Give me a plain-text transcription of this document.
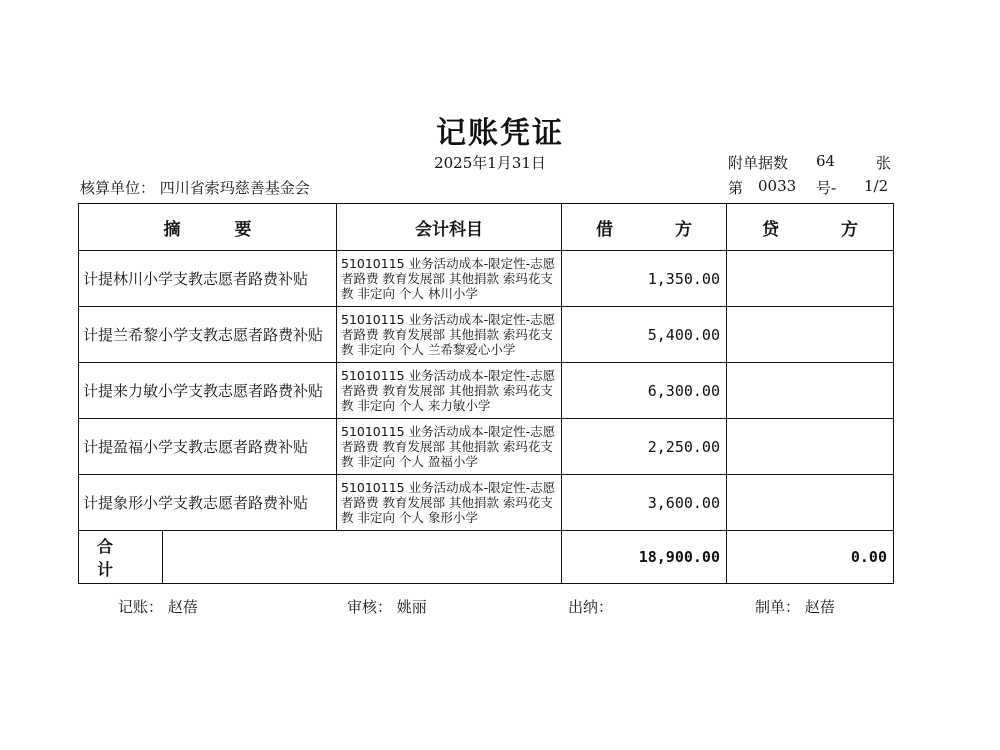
记账凭证
2025年1月31日	附单据数 64	张
核算单位： 四川省索玛慈善基金会	第 0033 号- 1/2
摘 要	会计科目	借 方	贷 方
计提林川小学支教志愿者路费补贴	51010115 业务活动成本-限定性-志愿者路费 教育发展部 其他捐款 索玛花支教 非定向 个人 林川小学	1,350.00	
计提兰希黎小学支教志愿者路费补贴	51010115 业务活动成本-限定性-志愿者路费 教育发展部 其他捐款 索玛花支教 非定向 个人 兰希黎爱心小学	5,400.00	
计提来力敏小学支教志愿者路费补贴	51010115 业务活动成本-限定性-志愿者路费 教育发展部 其他捐款 索玛花支教 非定向 个人 来力敏小学	6,300.00	
计提盈福小学支教志愿者路费补贴	51010115 业务活动成本-限定性-志愿者路费 教育发展部 其他捐款 索玛花支教 非定向 个人 盈福小学	2,250.00	
计提象形小学支教志愿者路费补贴	51010115 业务活动成本-限定性-志愿者路费 教育发展部 其他捐款 索玛花支教 非定向 个人 象形小学	3,600.00	

合 计		18,900.00	0.00
记账： 赵蓓	审核： 姚丽	出纳：	制单： 赵蓓
